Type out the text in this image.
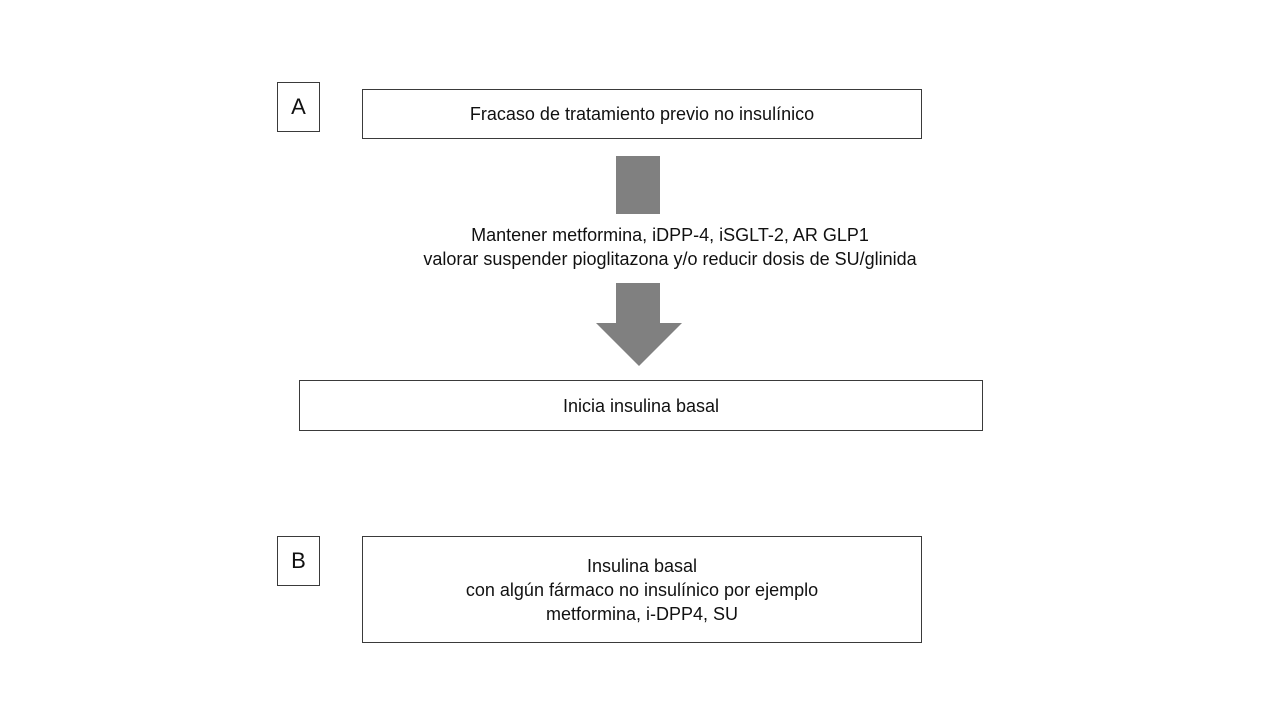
A	Fracaso de tratamiento previo no insulínico
Mantener metformina, iDPP-4, iSGLT-2, AR GLP1
valorar suspender pioglitazona y/o reducir dosis de SU/glinida
Inicia insulina basal
B	Insulina basal
con algún fármaco no insulínico por ejemplo
metformina, i-DPP4, SU
